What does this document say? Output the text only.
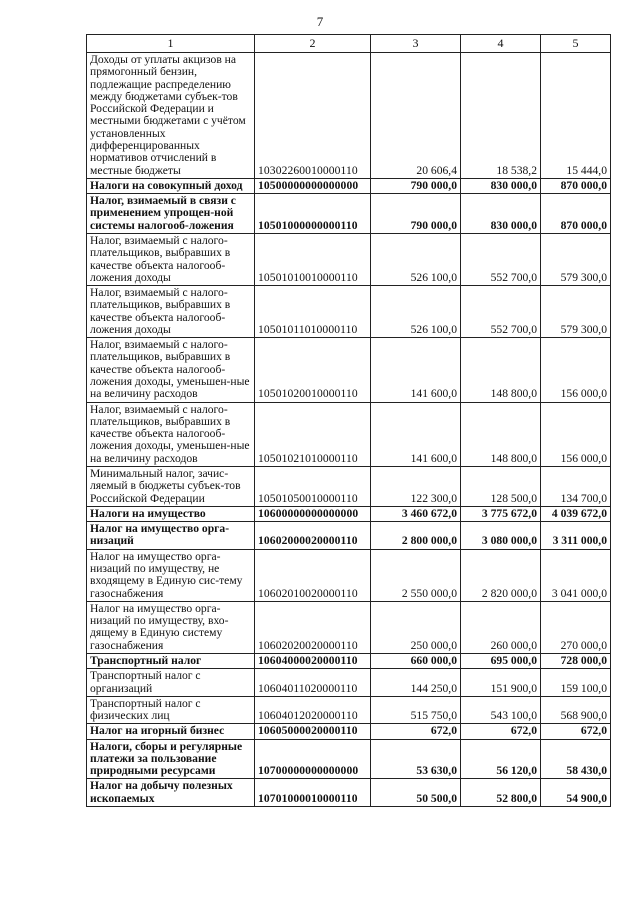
7
1	2	3	4	5
Доходы от уплаты акцизов на прямогонный бензин, подлежащие распределению между бюджетами субъек-тов Российской Федерации и местными бюджетами с учётом установленных дифференцированных нормативов отчислений в местные бюджеты	10302260010000110	20 606,4	18 538,2	15 444,0
Налоги на совокупный доход	10500000000000000	790 000,0	830 000,0	870 000,0
Налог, взимаемый в связи с применением упрощен-ной системы налогооб-ложения	10501000000000110	790 000,0	830 000,0	870 000,0
Налог, взимаемый с налого-плательщиков, выбравших в качестве объекта налогооб-ложения доходы	10501010010000110	526 100,0	552 700,0	579 300,0
Налог, взимаемый с налого-плательщиков, выбравших в качестве объекта налогооб-ложения доходы	10501011010000110	526 100,0	552 700,0	579 300,0
Налог, взимаемый с налого-плательщиков, выбравших в качестве объекта налогооб-ложения доходы, уменьшен-ные на величину расходов	10501020010000110	141 600,0	148 800,0	156 000,0
Налог, взимаемый с налого-плательщиков, выбравших в качестве объекта налогооб-ложения доходы, уменьшен-ные на величину расходов	10501021010000110	141 600,0	148 800,0	156 000,0
Минимальный налог, зачис-ляемый в бюджеты субъек-тов Российской Федерации	10501050010000110	122 300,0	128 500,0	134 700,0
Налоги на имущество	10600000000000000	3 460 672,0	3 775 672,0	4 039 672,0
Налог на имущество орга-низаций	10602000020000110	2 800 000,0	3 080 000,0	3 311 000,0
Налог на имущество орга-низаций по имуществу, не входящему в Единую сис-тему газоснабжения	10602010020000110	2 550 000,0	2 820 000,0	3 041 000,0
Налог на имущество орга-низаций по имуществу, вхо-дящему в Единую систему газоснабжения	10602020020000110	250 000,0	260 000,0	270 000,0
Транспортный налог	10604000020000110	660 000,0	695 000,0	728 000,0
Транспортный налог с организаций	10604011020000110	144 250,0	151 900,0	159 100,0
Транспортный налог с физических лиц	10604012020000110	515 750,0	543 100,0	568 900,0
Налог на игорный бизнес	10605000020000110	672,0	672,0	672,0
Налоги, сборы и регулярные платежи за пользование природными ресурсами	10700000000000000	53 630,0	56 120,0	58 430,0
Налог на добычу полезных ископаемых	10701000010000110	50 500,0	52 800,0	54 900,0
